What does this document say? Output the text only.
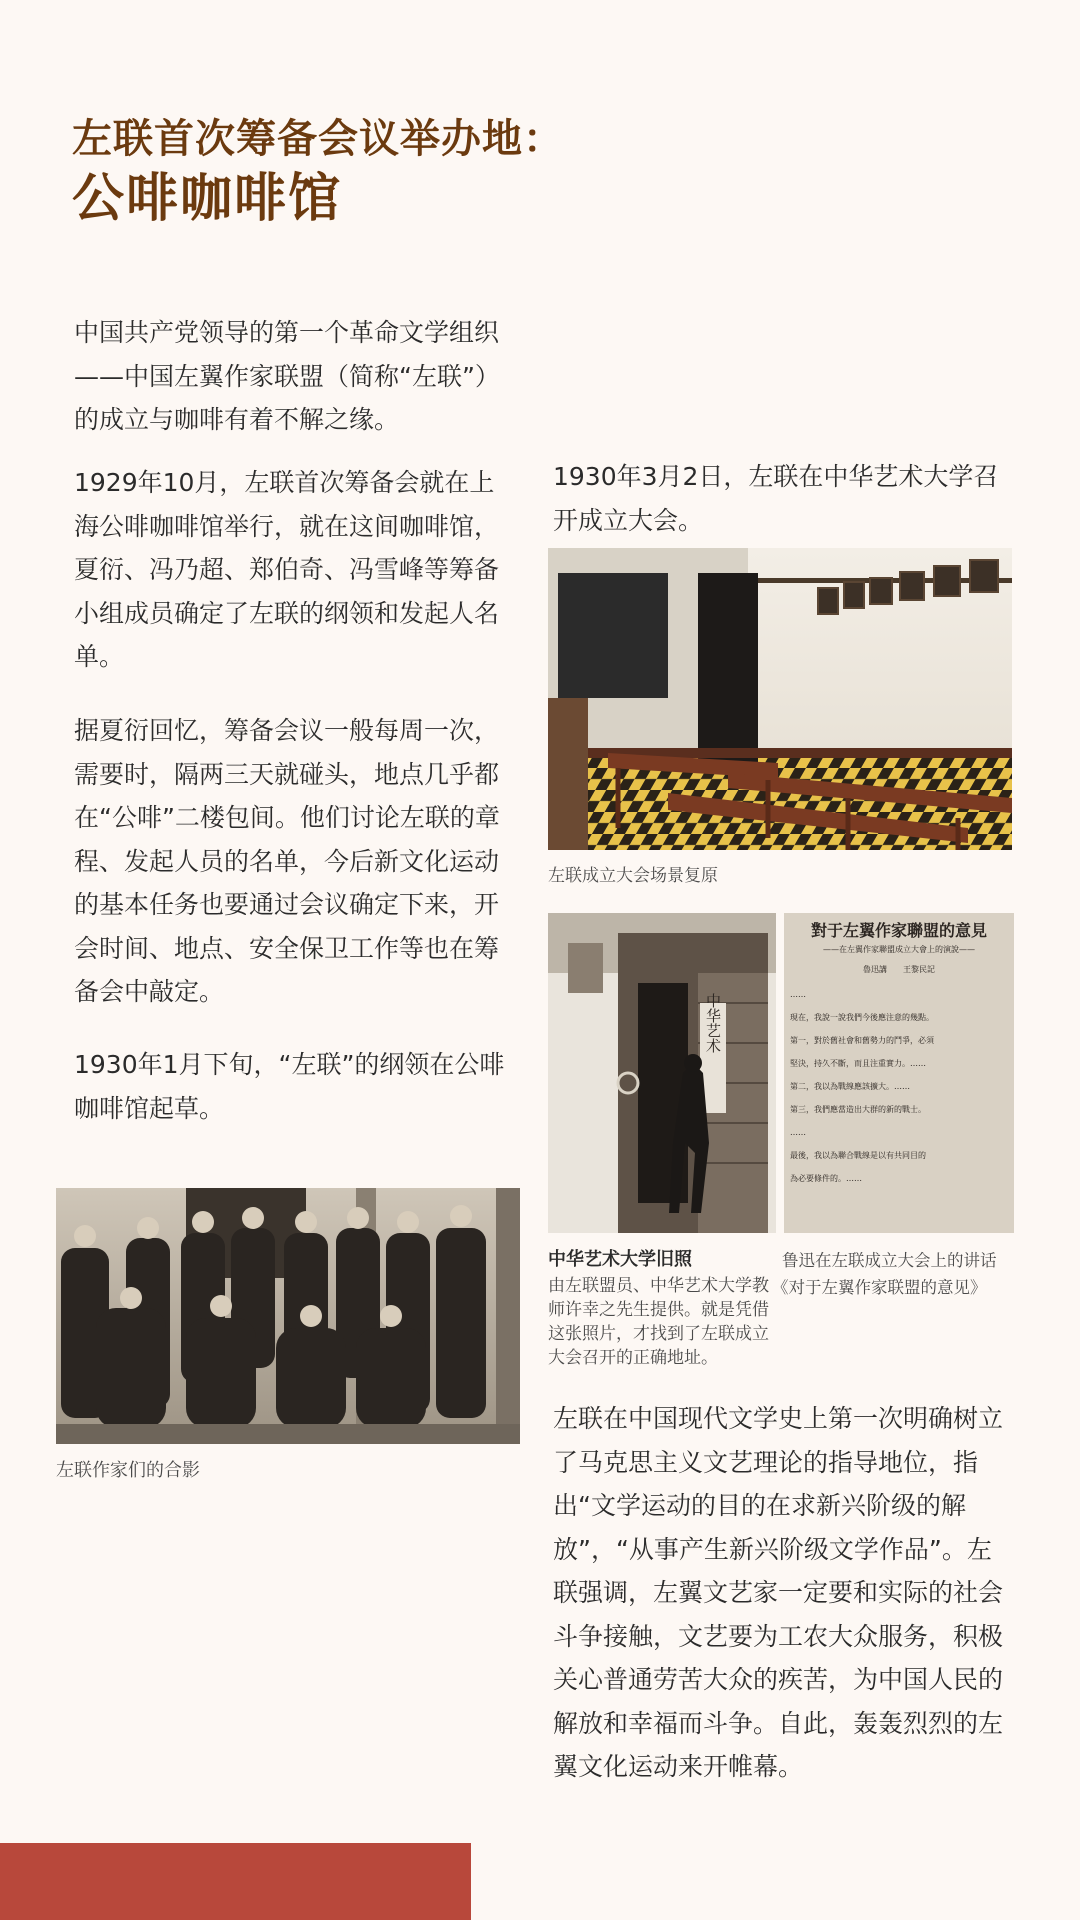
左联首次筹备会议举办地：
公啡咖啡馆

中国共产党领导的第一个革命文学组织——中国左翼作家联盟（简称“左联”）的成立与咖啡有着不解之缘。

1929年10月，左联首次筹备会就在上海公啡咖啡馆举行，就在这间咖啡馆，夏衍、冯乃超、郑伯奇、冯雪峰等筹备小组成员确定了左联的纲领和发起人名单。

据夏衍回忆，筹备会议一般每周一次，需要时，隔两三天就碰头，地点几乎都在“公啡”二楼包间。他们讨论左联的章程、发起人员的名单，今后新文化运动的基本任务也要通过会议确定下来，开会时间、地点、安全保卫工作等也在筹备会中敲定。

1930年1月下旬，“左联”的纲领在公啡咖啡馆起草。

1930年3月2日，左联在中华艺术大学召开成立大会。

左联成立大会场景复原

中华艺术
對于左翼作家聯盟的意見
——在左翼作家聯盟成立大會上的演說——
魯迅講　　王黎民記
……
現在，我說一說我們今後應注意的幾點。
第一，對於舊社會和舊勢力的鬥爭，必須
堅決，持久不斷，而且注重實力。……
第二，我以為戰線應該擴大。……
第三，我們應當造出大群的新的戰士。
……
最後，我以為聯合戰線是以有共同目的
為必要條件的。……

中华艺术大学旧照
由左联盟员、中华艺术大学教师许幸之先生提供。就是凭借这张照片，才找到了左联成立大会召开的正确地址。

鲁迅在左联成立大会上的讲话
《对于左翼作家联盟的意见》

左联作家们的合影

左联在中国现代文学史上第一次明确树立了马克思主义文艺理论的指导地位，指出“文学运动的目的在求新兴阶级的解放”，“从事产生新兴阶级文学作品”。左联强调，左翼文艺家一定要和实际的社会斗争接触，文艺要为工农大众服务，积极关心普通劳苦大众的疾苦，为中国人民的解放和幸福而斗争。自此，轰轰烈烈的左翼文化运动来开帷幕。
